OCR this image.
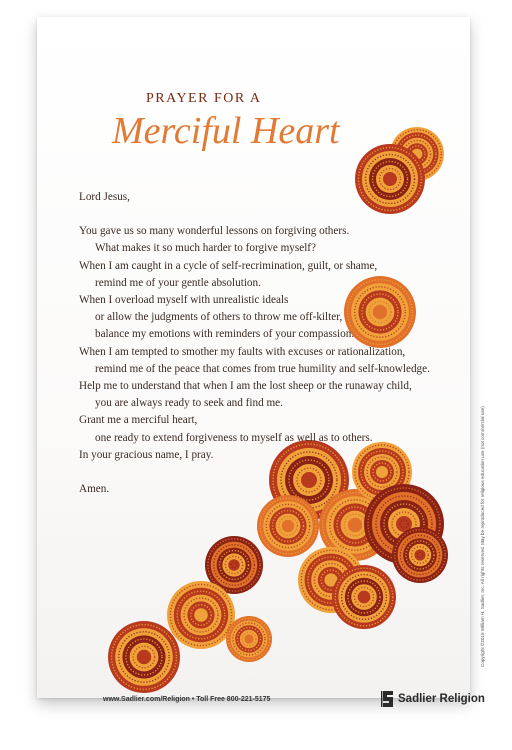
PRAYER FOR A
Merciful Heart

Lord Jesus,

You gave us so many wonderful lessons on forgiving others.

What makes it so much harder to forgive myself?

When I am caught in a cycle of self-recrimination, guilt, or shame,

remind me of your gentle absolution.

When I overload myself with unrealistic ideals

or allow the judgments of others to throw me off-kilter,

balance my emotions with reminders of your compassion.

When I am tempted to smother my faults with excuses or rationalization,

remind me of the peace that comes from true humility and self-knowledge.

Help me to understand that when I am the lost sheep or the runaway child,

you are always ready to seek and find me.

Grant me a merciful heart,

one ready to extend forgiveness to myself as well as to others.

In your gracious name, I pray.

Amen.	Copyright ©2015 William H. Sadlier, Inc. All rights reserved. May be reproduced for religious education use (not commercial use)
www.Sadlier.com/Religion • Toll Free 800-221-5175	Sadlier Religion
